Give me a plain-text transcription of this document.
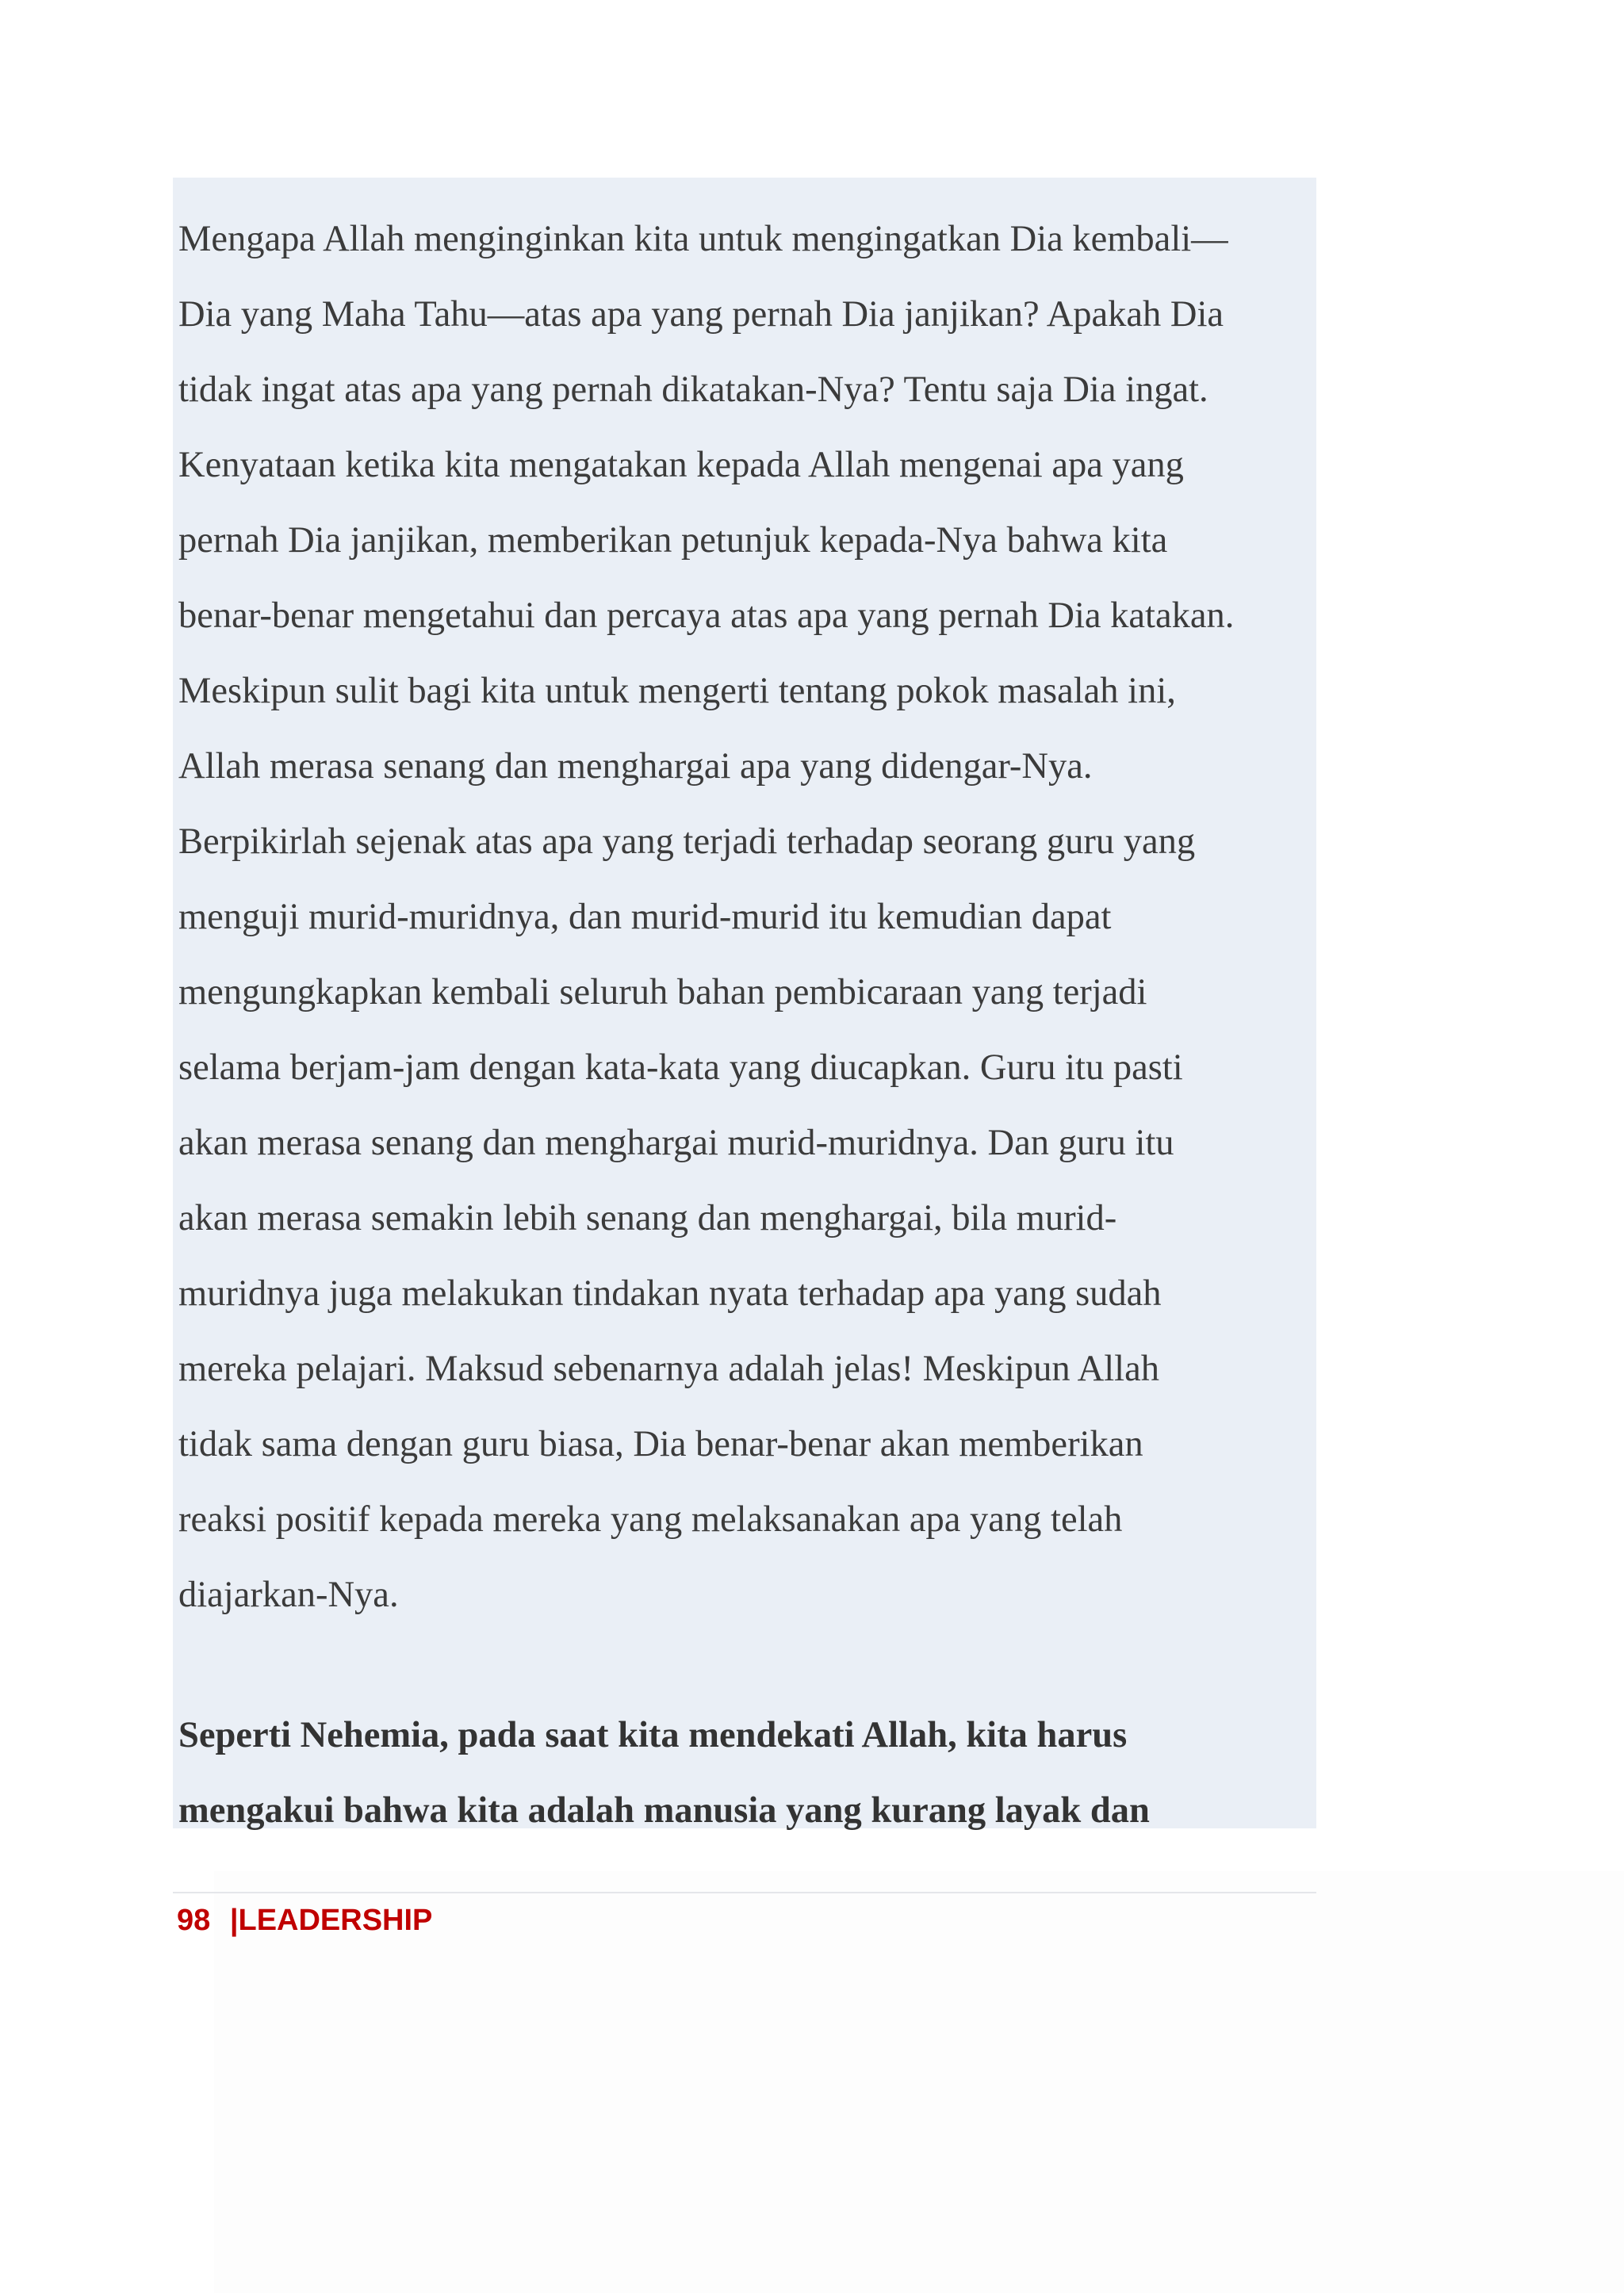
Mengapa Allah menginginkan kita untuk mengingatkan Dia kembali—
Dia yang Maha Tahu—atas apa yang pernah Dia janjikan? Apakah Dia
tidak ingat atas apa yang pernah dikatakan-Nya? Tentu saja Dia ingat.
Kenyataan ketika kita mengatakan kepada Allah mengenai apa yang
pernah Dia janjikan, memberikan petunjuk kepada-Nya bahwa kita
benar-benar mengetahui dan percaya atas apa yang pernah Dia katakan.
Meskipun sulit bagi kita untuk mengerti tentang pokok masalah ini,
Allah merasa senang dan menghargai apa yang didengar-Nya.
Berpikirlah sejenak atas apa yang terjadi terhadap seorang guru yang
menguji murid-muridnya, dan murid-murid itu kemudian dapat
mengungkapkan kembali seluruh bahan pembicaraan yang terjadi
selama berjam-jam dengan kata-kata yang diucapkan. Guru itu pasti
akan merasa senang dan menghargai murid-muridnya. Dan guru itu
akan merasa semakin lebih senang dan menghargai, bila murid-
muridnya juga melakukan tindakan nyata terhadap apa yang sudah
mereka pelajari. Maksud sebenarnya adalah jelas! Meskipun Allah
tidak sama dengan guru biasa, Dia benar-benar akan memberikan
reaksi positif kepada mereka yang melaksanakan apa yang telah
diajarkan-Nya.

Seperti Nehemia, pada saat kita mendekati Allah, kita harus
mengakui bahwa kita adalah manusia yang kurang layak dan

98 |LEADERSHIP
